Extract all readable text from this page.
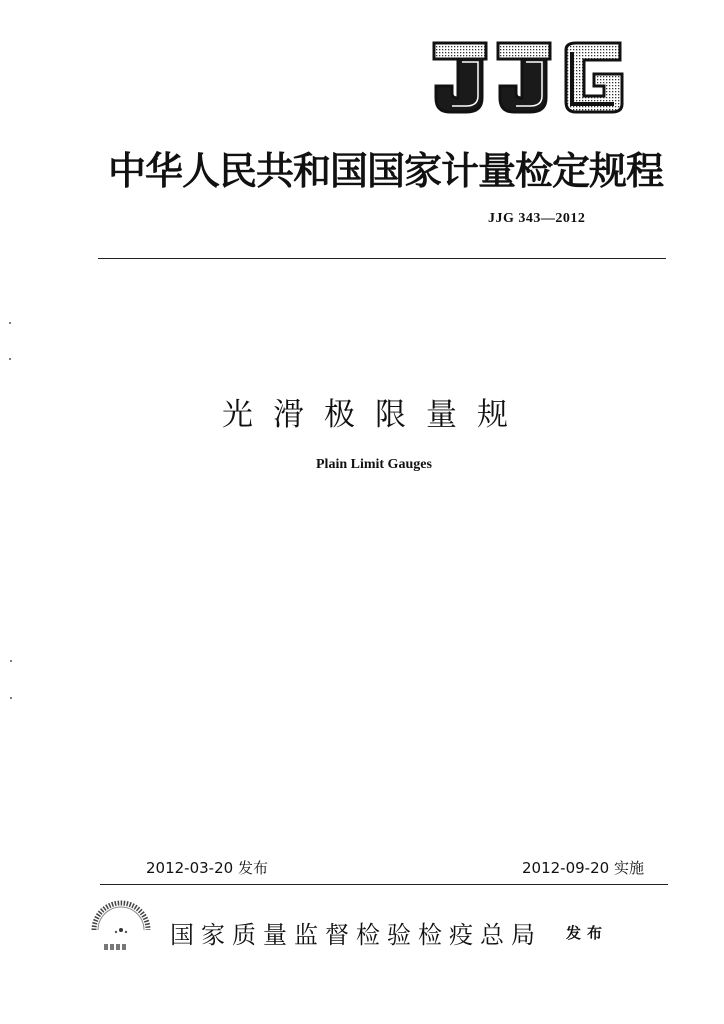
中华人民共和国国家计量检定规程
JJG 343—2012
光滑极限量规
Plain Limit Gauges
2012-03-20 发布	2012-09-20 实施
国家质量监督检验检疫总局 发布
